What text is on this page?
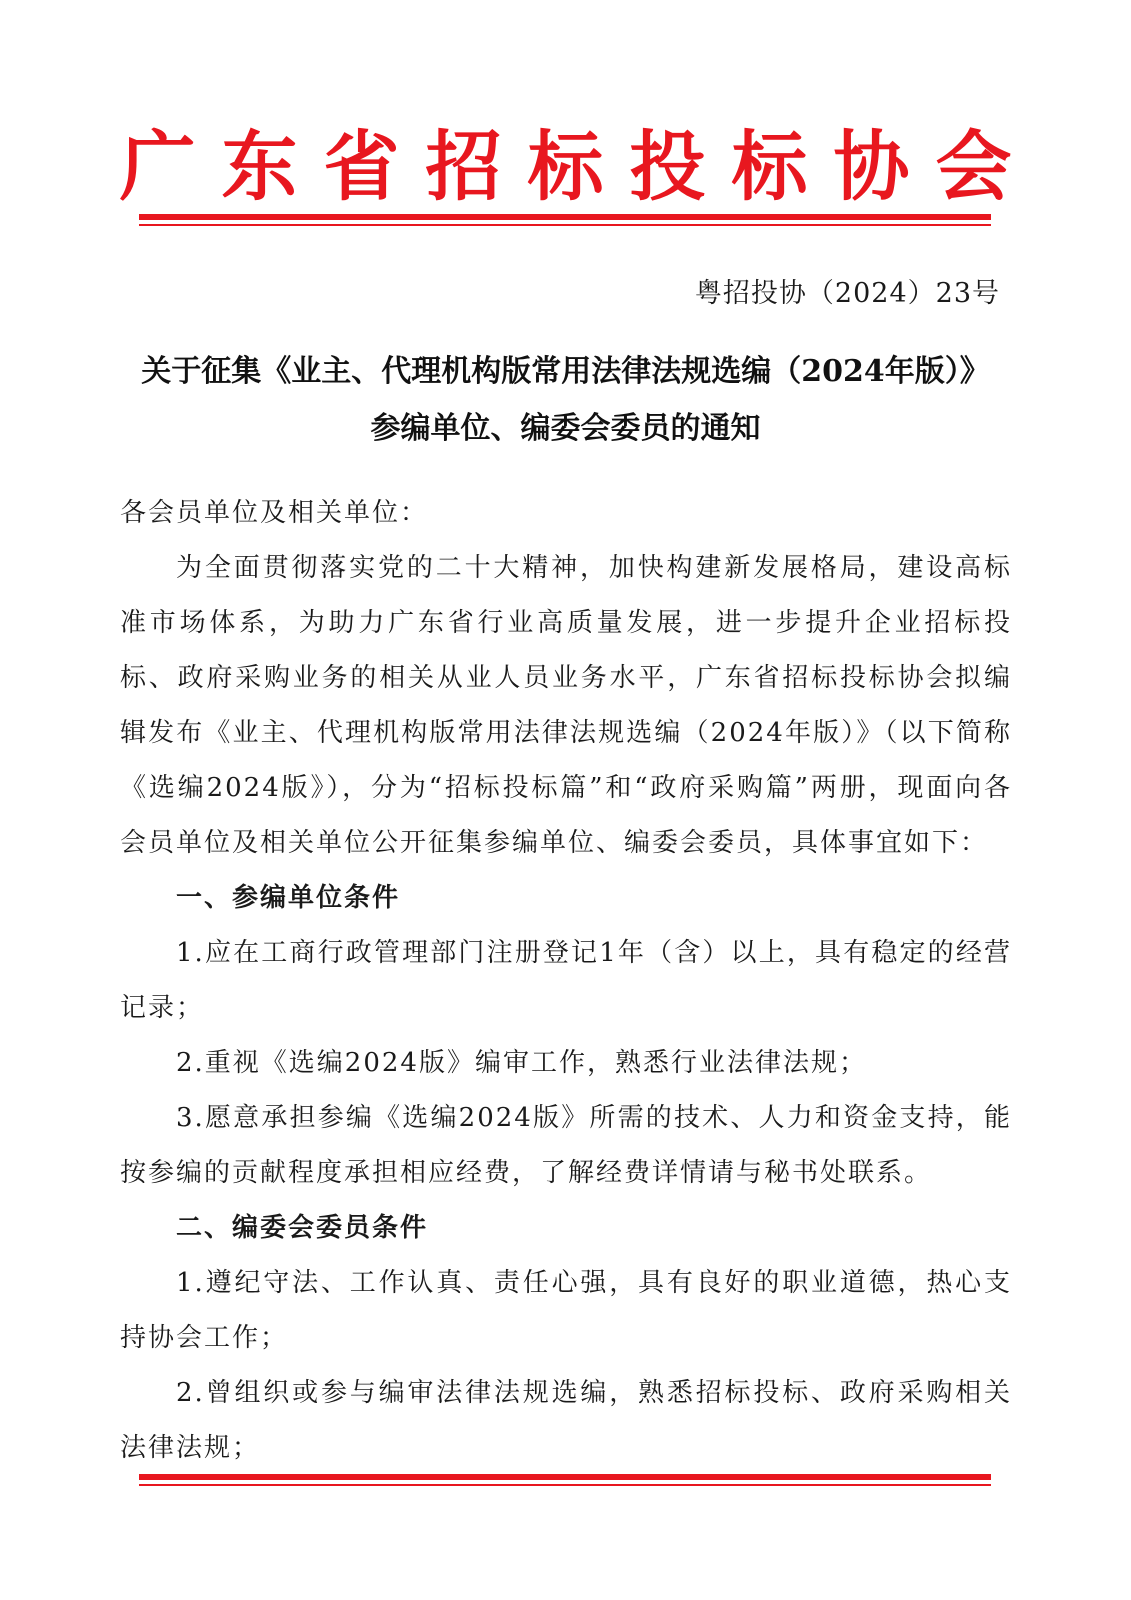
广东省招标投标协会
粤招投协（2024）23号
关于征集《业主、代理机构版常用法律法规选编（2024年版）》
参编单位、编委会委员的通知

各会员单位及相关单位：

为全面贯彻落实党的二十大精神，加快构建新发展格局，建设高标准市场体系，为助力广东省行业高质量发展，进一步提升企业招标投标、政府采购业务的相关从业人员业务水平，广东省招标投标协会拟编辑发布《业主、代理机构版常用法律法规选编（2024年版）》（以下简称《选编2024版》），分为“招标投标篇”和“政府采购篇”两册，现面向各会员单位及相关单位公开征集参编单位、编委会委员，具体事宜如下：

一、参编单位条件

1.应在工商行政管理部门注册登记1年（含）以上，具有稳定的经营记录；

2.重视《选编2024版》编审工作，熟悉行业法律法规；

3.愿意承担参编《选编2024版》所需的技术、人力和资金支持，能按参编的贡献程度承担相应经费，了解经费详情请与秘书处联系。

二、编委会委员条件

1.遵纪守法、工作认真、责任心强，具有良好的职业道德，热心支持协会工作；

2.曾组织或参与编审法律法规选编，熟悉招标投标、政府采购相关法律法规；
